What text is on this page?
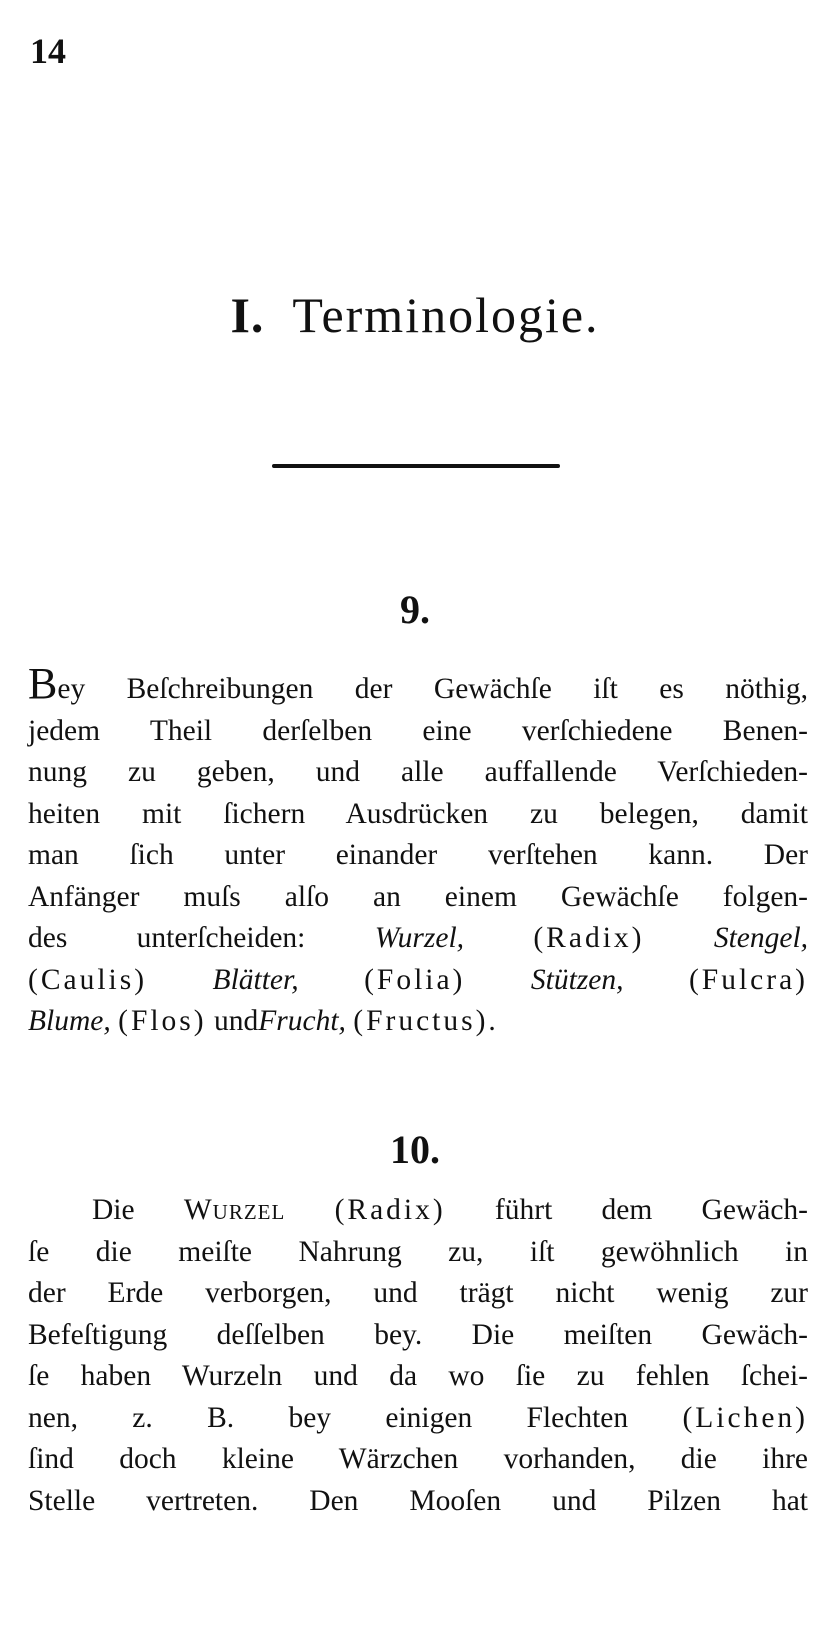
14
I. Terminologie.
9.
Bey Beſchreibungen der Gewächſe iſt es nöthig,
jedem Theil derſelben eine verſchiedene Benen-
nung zu geben, und alle auffallende Verſchieden-
heiten mit ſichern Ausdrücken zu belegen, damit
man ſich unter einander verſtehen kann. Der
Anfänger muſs alſo an einem Gewächſe folgen-
des unterſcheiden: Wurzel, (Radix) Stengel,
(Caulis) Blätter, (Folia) Stützen, (Fulcra)
Blume, (Flos) undFrucht, (Fructus).
10.
Die Wurzel (Radix) führt dem Gewäch-
ſe die meiſte Nahrung zu, iſt gewöhnlich in
der Erde verborgen, und trägt nicht wenig zur
Befeſtigung deſſelben bey. Die meiſten Gewäch-
ſe haben Wurzeln und da wo ſie zu fehlen ſchei-
nen, z. B. bey einigen Flechten (Lichen)
ſind doch kleine Wärzchen vorhanden, die ihre
Stelle vertreten. Den Mooſen und Pilzen hat
